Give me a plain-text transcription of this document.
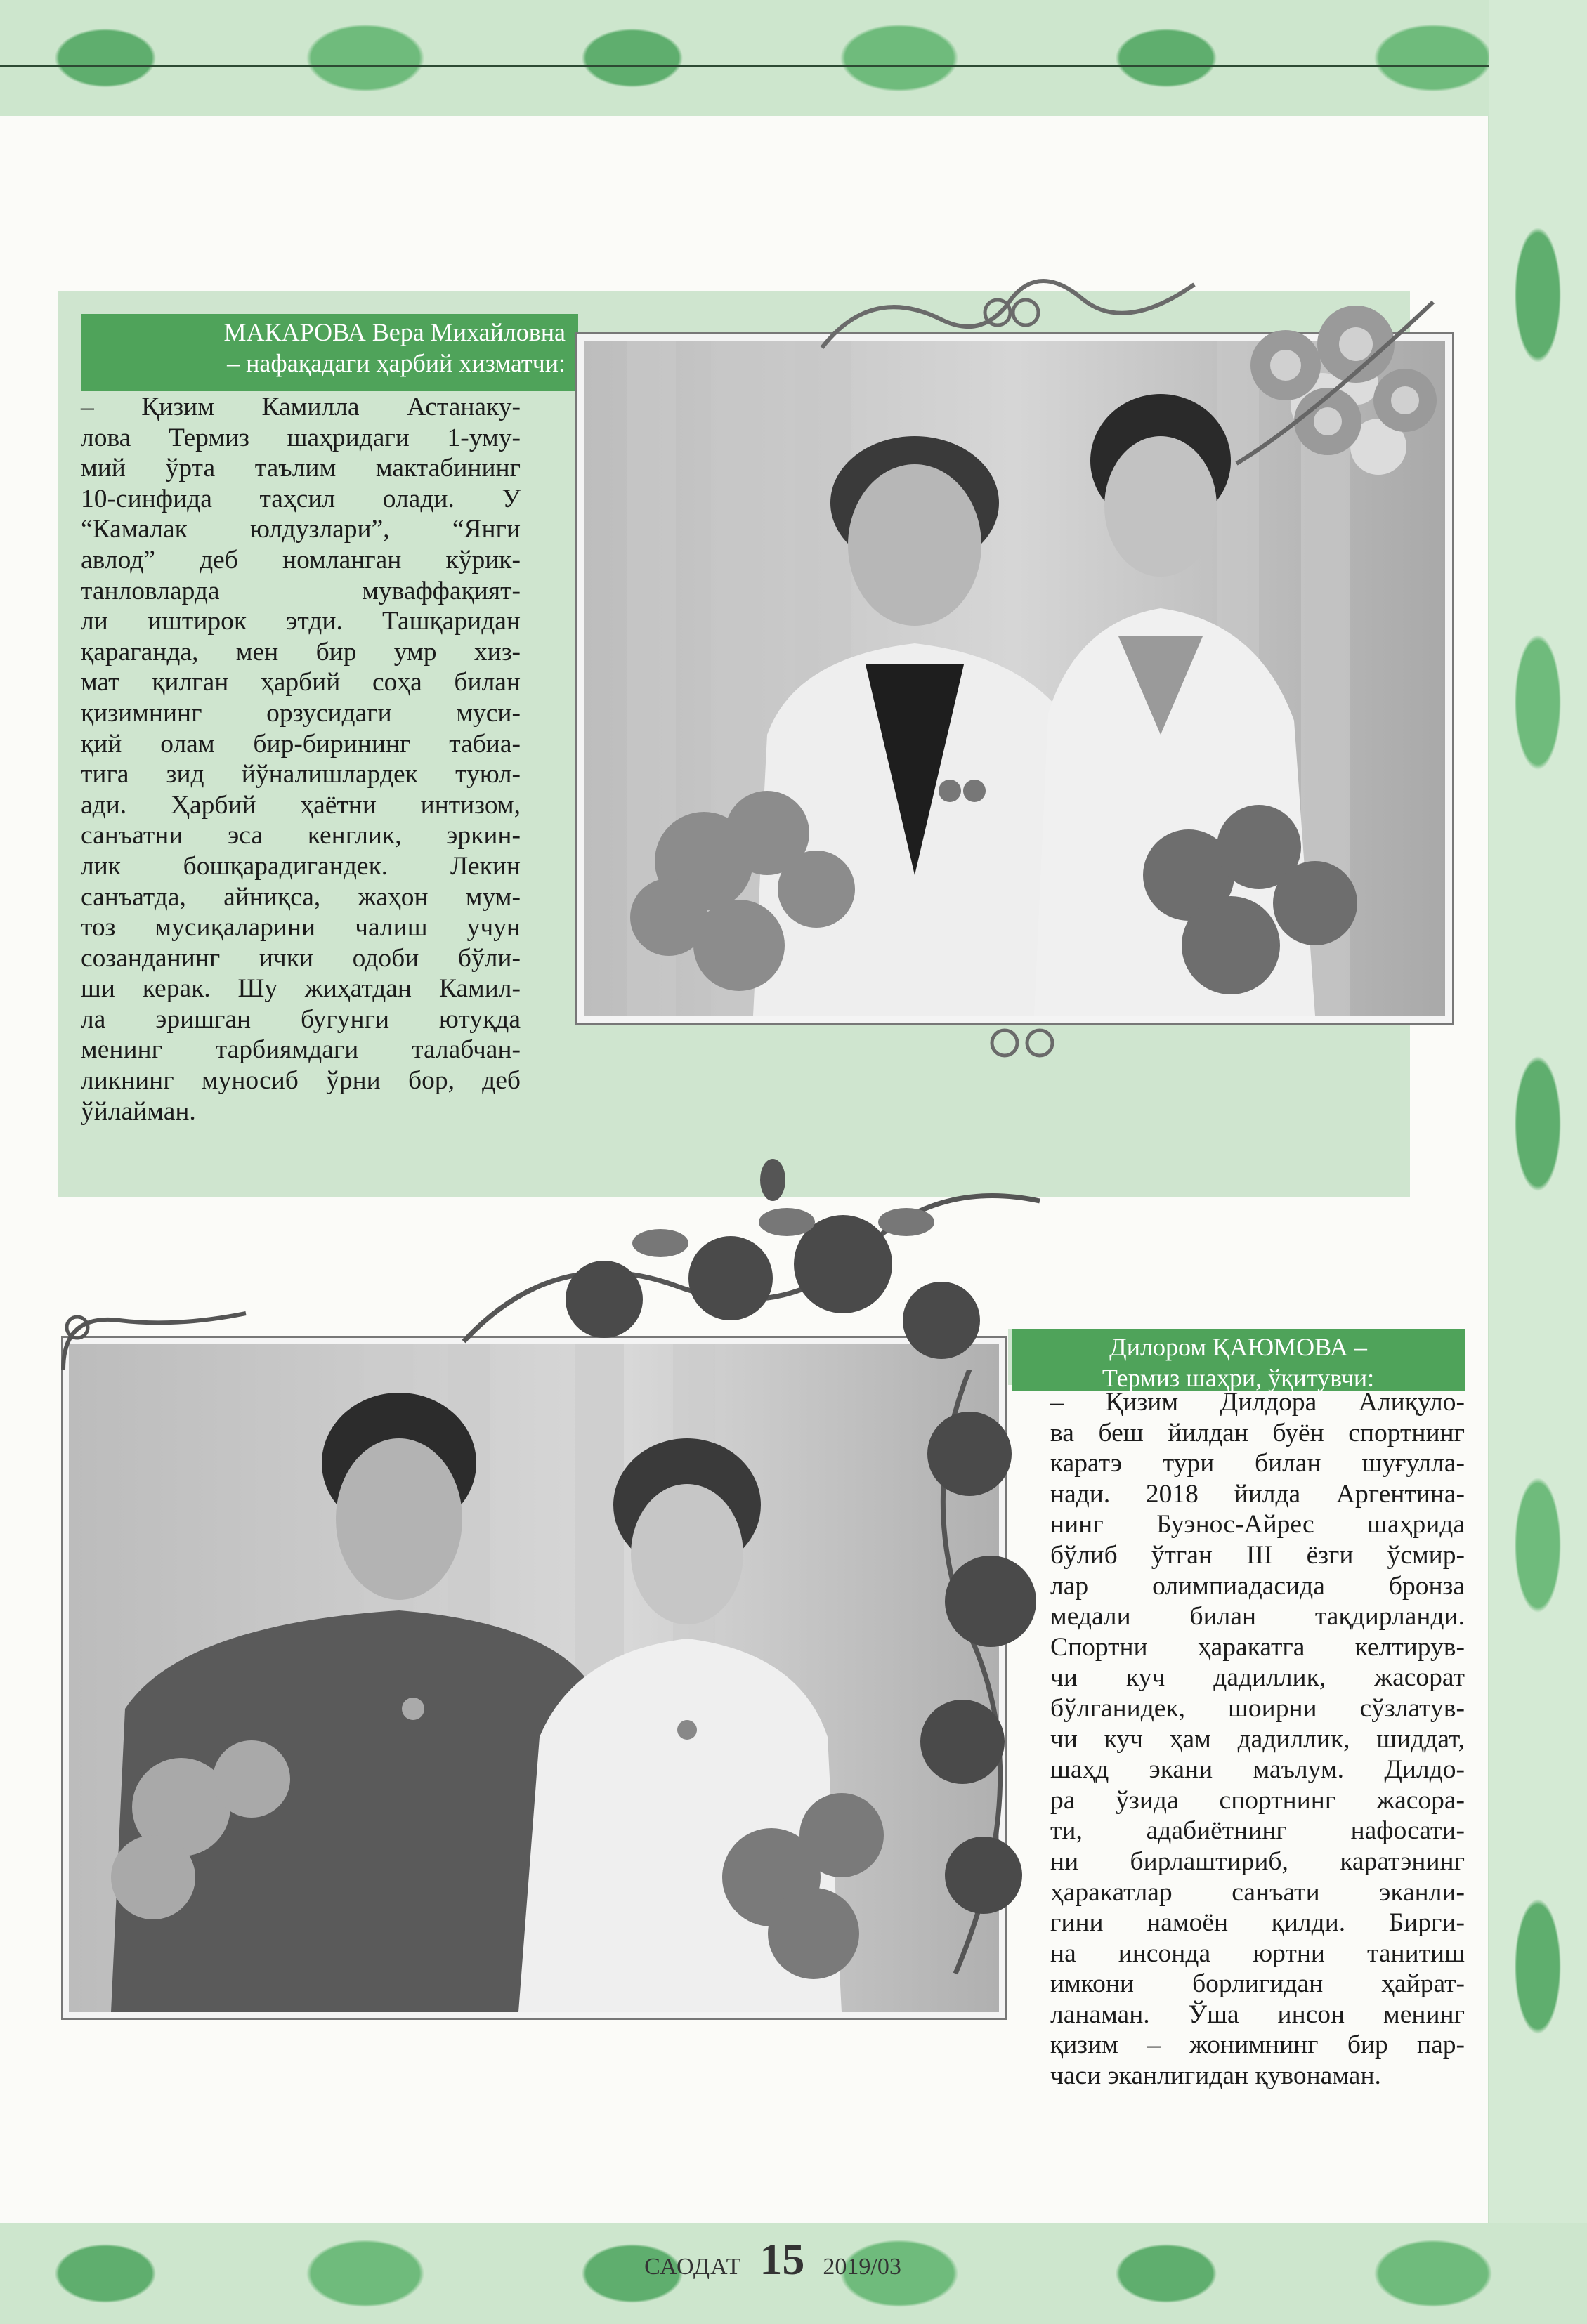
МАКАРОВА Вера Михайловна
– нафақадаги ҳарбий хизматчи:

– Қизим Камилла Астанаку-

лова Термиз шаҳридаги 1-уму-

мий ўрта таълим мактабининг

10-синфида таҳсил олади. У

“Камалак юлдузлари”, “Янги

авлод” деб номланган кўрик-

танловларда муваффақият-

ли иштирок этди. Ташқаридан

қараганда, мен бир умр хиз-

мат қилган ҳарбий соҳа билан

қизимнинг орзусидаги муси-

қий олам бир-бирининг табиа-

тига зид йўналишлардек туюл-

ади. Ҳарбий ҳаётни интизом,

санъатни эса кенглик, эркин-

лик бошқарадигандек. Лекин

санъатда, айниқса, жаҳон мум-

тоз мусиқаларини чалиш учун

созанданинг ички одоби бўли-

ши керак. Шу жиҳатдан Камил-

ла эришган бугунги ютуқда

менинг тарбиямдаги талабчан-

ликнинг муносиб ўрни бор, деб

ўйлайман.

Дилором ҚАЮМОВА –
Термиз шаҳри, ўқитувчи:

– Қизим Дилдора Алиқуло-

ва беш йилдан буён спортнинг

каратэ тури билан шуғулла-

нади. 2018 йилда Аргентина-

нинг Буэнос-Айрес шаҳрида

бўлиб ўтган III ёзги ўсмир-

лар олимпиадасида бронза

медали билан тақдирланди.

Спортни ҳаракатга келтирув-

чи куч дадиллик, жасорат

бўлганидек, шоирни сўзлатув-

чи куч ҳам дадиллик, шиддат,

шаҳд экани маълум. Дилдо-

ра ўзида спортнинг жасора-

ти, адабиётнинг нафосати-

ни бирлаштириб, каратэнинг

ҳаракатлар санъати эканли-

гини намоён қилди. Бирги-

на инсонда юртни танитиш

имкони борлигидан ҳайрат-

ланаман. Ўша инсон менинг

қизим – жонимнинг бир пар-

часи эканлигидан қувонаман.

САОДАТ 15 2019/03
